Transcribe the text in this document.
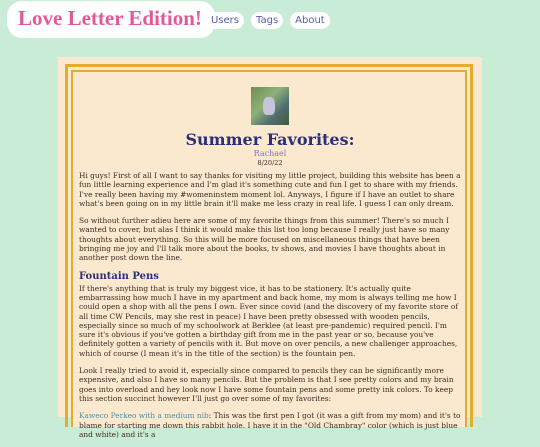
Love Letter Edition! Users	Tags	About
Summer Favorites:
Rachael
8/20/22

Hi guys! First of all I want to say thanks for visiting my little project, building this website has been a fun little learning experience and I'm glad it's something cute and fun I get to share with my friends. I've really been having my #womeninstem moment lol. Anyways, I figure if I have an outlet to share what's been going on in my little brain it'll make me less crazy in real life. I guess I can only dream.

So without further adieu here are some of my favorite things from this summer! There's so much I wanted to cover, but alas I think it would make this list too long because I really just have so many thoughts about everything. So this will be more focused on miscellaneous things that have been bringing me joy and I'll talk more about the books, tv shows, and movies I have thoughts about in another post down the line.

Fountain Pens

If there's anything that is truly my biggest vice, it has to be stationery. It's actually quite embarrassing how much I have in my apartment and back home, my mom is always telling me how I could open a shop with all the pens I own. Ever since covid (and the discovery of my favorite store of all time CW Pencils, may she rest in peace) I have been pretty obsessed with wooden pencils, especially since so much of my schoolwork at Berklee (at least pre-pandemic) required pencil. I'm sure it's obvious if you've gotten a birthday gift from me in the past year or so, because you've definitely gotten a variety of pencils with it. But move on over pencils, a new challenger approaches, which of course (I mean it's in the title of the section) is the fountain pen.

Look I really tried to avoid it, especially since compared to pencils they can be significantly more expensive, and also I have so many pencils. But the problem is that I see pretty colors and my brain goes into overload and hey look now I have some fountain pens and some pretty ink colors. To keep this section succinct however I'll just go over some of my favorites:

Kaweco Perkeo with a medium nib: This was the first pen I got (it was a gift from my mom) and it's to blame for starting me down this rabbit hole. I have it in the "Old Chambray" color (which is just blue and white) and it's a
